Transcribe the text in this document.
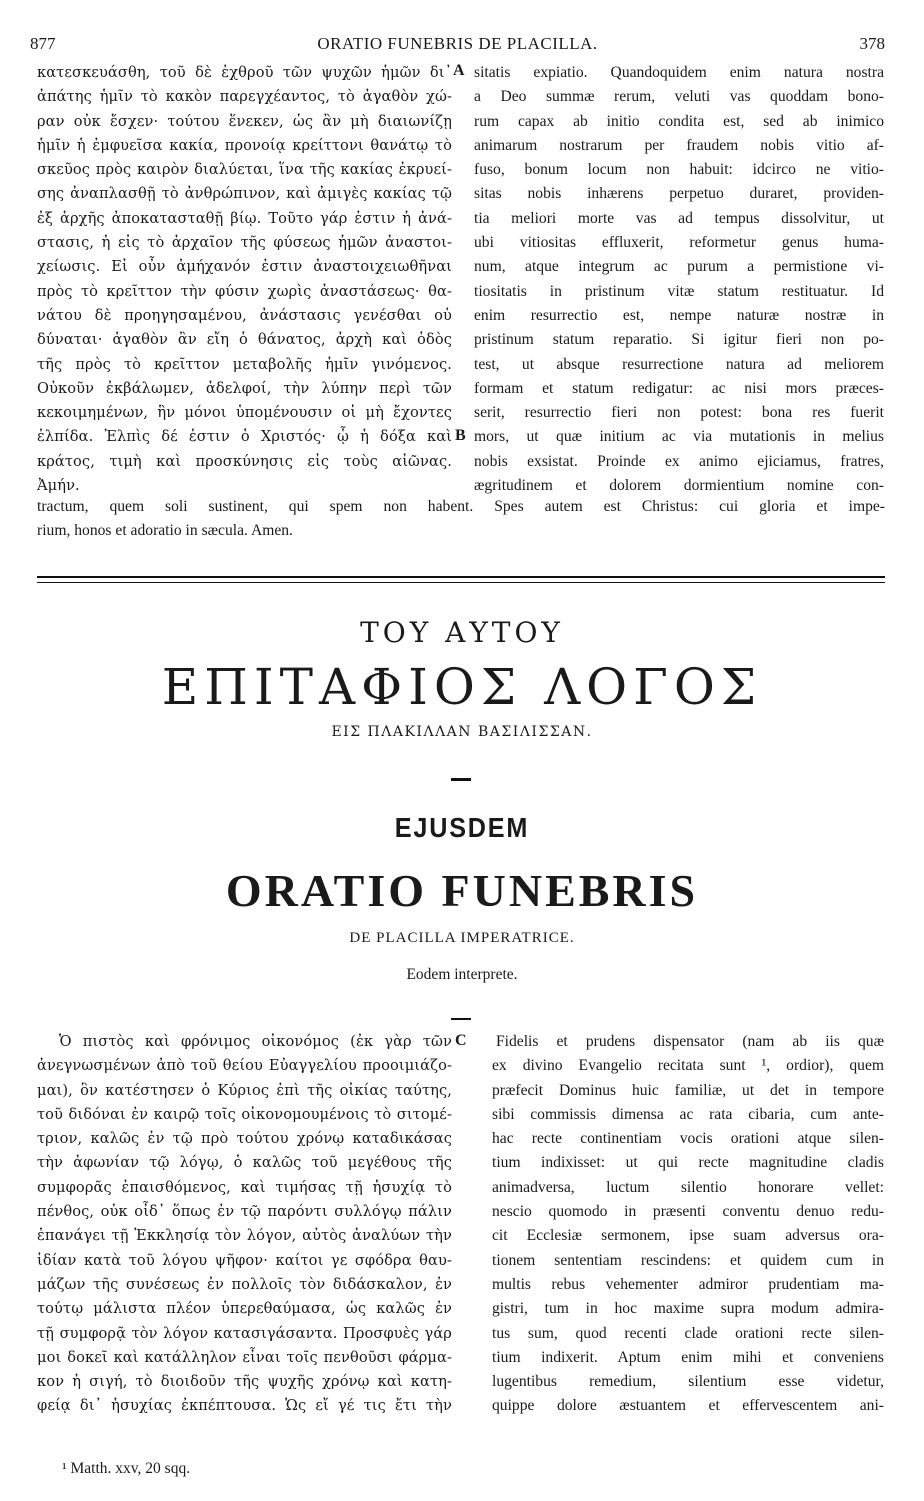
877	ORATIO FUNEBRIS DE PLACILLA.	378
κατεσκευάσθη, τοῦ δὲ ἐχθροῦ τῶν ψυχῶν ἡμῶν δι᾽
ἀπάτης ἡμῖν τὸ κακὸν παρεγχέαντος, τὸ ἀγαθὸν χώ-
ραν οὐκ ἔσχεν· τούτου ἕνεκεν, ὡς ἂν μὴ διαιωνίζῃ
ἡμῖν ἡ ἐμφυεῖσα κακία, προνοίᾳ κρείττονι θανάτῳ τὸ
σκεῦος πρὸς καιρὸν διαλύεται, ἵνα τῆς κακίας ἐκρυεί-
σης ἀναπλασθῇ τὸ ἀνθρώπινον, καὶ ἀμιγὲς κακίας τῷ
ἐξ ἀρχῆς ἀποκατασταθῇ βίῳ. Τοῦτο γάρ ἐστιν ἡ ἀνά-
στασις, ἡ εἰς τὸ ἀρχαῖον τῆς φύσεως ἡμῶν ἀναστοι-
χείωσις. Εἰ οὖν ἀμήχανόν ἐστιν ἀναστοιχειωθῆναι
πρὸς τὸ κρεῖττον τὴν φύσιν χωρὶς ἀναστάσεως· θα-
νάτου δὲ προηγησαμένου, ἀνάστασις γενέσθαι οὐ
δύναται· ἀγαθὸν ἂν εἴη ὁ θάνατος, ἀρχὴ καὶ ὁδὸς
τῆς πρὸς τὸ κρεῖττον μεταβολῆς ἡμῖν γινόμενος.
Οὐκοῦν ἐκβάλωμεν, ἀδελφοί, τὴν λύπην περὶ τῶν
κεκοιμημένων, ἣν μόνοι ὑπομένουσιν οἱ μὴ ἔχοντες
ἐλπίδα. Ἐλπὶς δέ ἐστιν ὁ Χριστός· ᾧ ἡ δόξα καὶ
κράτος, τιμὴ καὶ προσκύνησις εἰς τοὺς αἰῶνας.
Ἀμήν.
A
B
sitatis expiatio. Quandoquidem enim natura nostra
a Deo summæ rerum, veluti vas quoddam bono-
rum capax ab initio condita est, sed ab inimico
animarum nostrarum per fraudem nobis vitio af-
fuso, bonum locum non habuit: idcirco ne vitio-
sitas nobis inhærens perpetuo duraret, providen-
tia meliori morte vas ad tempus dissolvitur, ut
ubi vitiositas effluxerit, reformetur genus huma-
num, atque integrum ac purum a permistione vi-
tiositatis in pristinum vitæ statum restituatur. Id
enim resurrectio est, nempe naturæ nostræ in
pristinum statum reparatio. Si igitur fieri non po-
test, ut absque resurrectione natura ad meliorem
formam et statum redigatur: ac nisi mors præces-
serit, resurrectio fieri non potest: bona res fuerit
mors, ut quæ initium ac via mutationis in melius
nobis exsistat. Proinde ex animo ejiciamus, fratres,
ægritudinem et dolorem dormientium nomine con-
tractum, quem soli sustinent, qui spem non habent. Spes autem est Christus: cui gloria et impe-
rium, honos et adoratio in sæcula. Amen.
ΤΟΥ ΑΥΤΟΥ
ΕΠΙΤΑΦΙΟΣ ΛΟΓΟΣ
ΕΙΣ ΠΛΑΚΙΛΛΑΝ ΒΑΣΙΛΙΣΣΑΝ.
EJUSDEM
ORATIO FUNEBRIS
DE PLACILLA IMPERATRICE.
Eodem interprete.
Ὁ πιστὸς καὶ φρόνιμος οἰκονόμος (ἐκ γὰρ τῶν
ἀνεγνωσμένων ἀπὸ τοῦ θείου Εὐαγγελίου προοιμιάζο-
μαι), ὃν κατέστησεν ὁ Κύριος ἐπὶ τῆς οἰκίας ταύτης,
τοῦ διδόναι ἐν καιρῷ τοῖς οἰκονομουμένοις τὸ σιτομέ-
τριον, καλῶς ἐν τῷ πρὸ τούτου χρόνῳ καταδικάσας
τὴν ἀφωνίαν τῷ λόγῳ, ὁ καλῶς τοῦ μεγέθους τῆς
συμφορᾶς ἐπαισθόμενος, καὶ τιμήσας τῇ ἡσυχίᾳ τὸ
πένθος, οὐκ οἶδ᾽ ὅπως ἐν τῷ παρόντι συλλόγῳ πάλιν
ἐπανάγει τῇ Ἐκκλησίᾳ τὸν λόγον, αὐτὸς ἀναλύων τὴν
ἰδίαν κατὰ τοῦ λόγου ψῆφον· καίτοι γε σφόδρα θαυ-
μάζων τῆς συνέσεως ἐν πολλοῖς τὸν διδάσκαλον, ἐν
τούτῳ μάλιστα πλέον ὑπερεθαύμασα, ὡς καλῶς ἐν
τῇ συμφορᾷ τὸν λόγον κατασιγάσαντα. Προσφυὲς γάρ
μοι δοκεῖ καὶ κατάλληλον εἶναι τοῖς πενθοῦσι φάρμα-
κον ἡ σιγή, τὸ διοιδοῦν τῆς ψυχῆς χρόνῳ καὶ κατη-
φείᾳ δι᾽ ἡσυχίας ἐκπέπτουσα. Ὡς εἴ γέ τις ἔτι τὴν
C Fidelis et prudens dispensator (nam ab iis quæ
ex divino Evangelio recitata sunt ¹, ordior), quem
præfecit Dominus huic familiæ, ut det in tempore
sibi commissis dimensa ac rata cibaria, cum ante-
hac recte continentiam vocis orationi atque silen-
tium indixisset: ut qui recte magnitudine cladis
animadversa, luctum silentio honorare vellet:
nescio quomodo in præsenti conventu denuo redu-
cit Ecclesiæ sermonem, ipse suam adversus ora-
tionem sententiam rescindens: et quidem cum in
multis rebus vehementer admiror prudentiam ma-
gistri, tum in hoc maxime supra modum admira-
tus sum, quod recenti clade orationi recte silen-
tium indixerit. Aptum enim mihi et conveniens
lugentibus remedium, silentium esse videtur,
quippe dolore æstuantem et effervescentem ani-
¹ Matth. xxv, 20 sqq.
